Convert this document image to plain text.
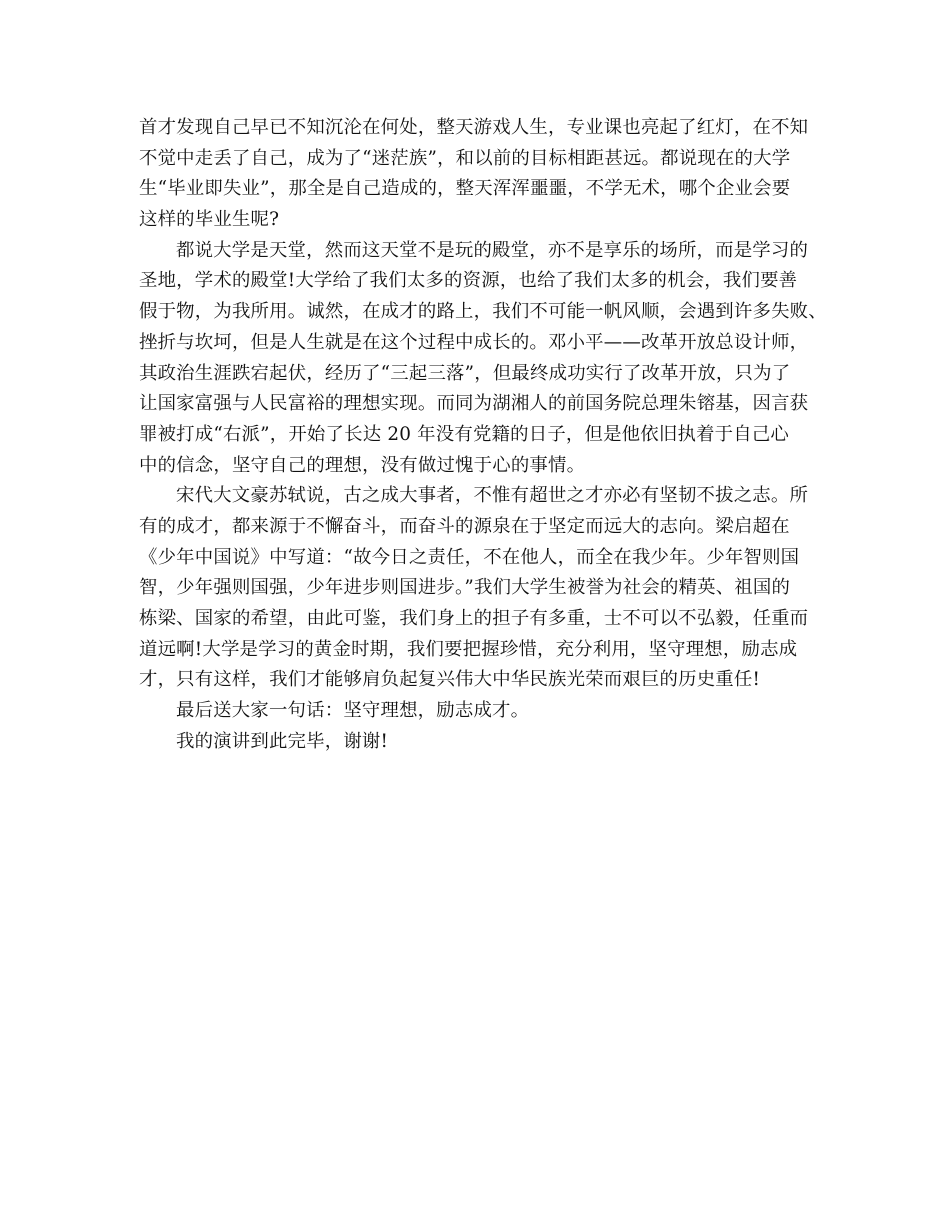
首才发现自己早已不知沉沦在何处，整天游戏人生，专业课也亮起了红灯，在不知
不觉中走丢了自己，成为了“迷茫族”，和以前的目标相距甚远。都说现在的大学
生“毕业即失业”，那全是自己造成的，整天浑浑噩噩，不学无术，哪个企业会要
这样的毕业生呢?
都说大学是天堂，然而这天堂不是玩的殿堂，亦不是享乐的场所，而是学习的
圣地，学术的殿堂!大学给了我们太多的资源，也给了我们太多的机会，我们要善
假于物，为我所用。诚然，在成才的路上，我们不可能一帆风顺，会遇到许多失败、
挫折与坎坷，但是人生就是在这个过程中成长的。邓小平——改革开放总设计师，
其政治生涯跌宕起伏，经历了“三起三落”，但最终成功实行了改革开放，只为了
让国家富强与人民富裕的理想实现。而同为湖湘人的前国务院总理朱镕基，因言获
罪被打成“右派”，开始了长达 20 年没有党籍的日子，但是他依旧执着于自己心
中的信念，坚守自己的理想，没有做过愧于心的事情。
宋代大文豪苏轼说，古之成大事者，不惟有超世之才亦必有坚韧不拔之志。所
有的成才，都来源于不懈奋斗，而奋斗的源泉在于坚定而远大的志向。梁启超在
《少年中国说》中写道：“故今日之责任，不在他人，而全在我少年。少年智则国
智，少年强则国强，少年进步则国进步。”我们大学生被誉为社会的精英、祖国的
栋梁、国家的希望，由此可鉴，我们身上的担子有多重，士不可以不弘毅，任重而
道远啊!大学是学习的黄金时期，我们要把握珍惜，充分利用，坚守理想，励志成
才，只有这样，我们才能够肩负起复兴伟大中华民族光荣而艰巨的历史重任!
最后送大家一句话：坚守理想，励志成才。
我的演讲到此完毕，谢谢!
